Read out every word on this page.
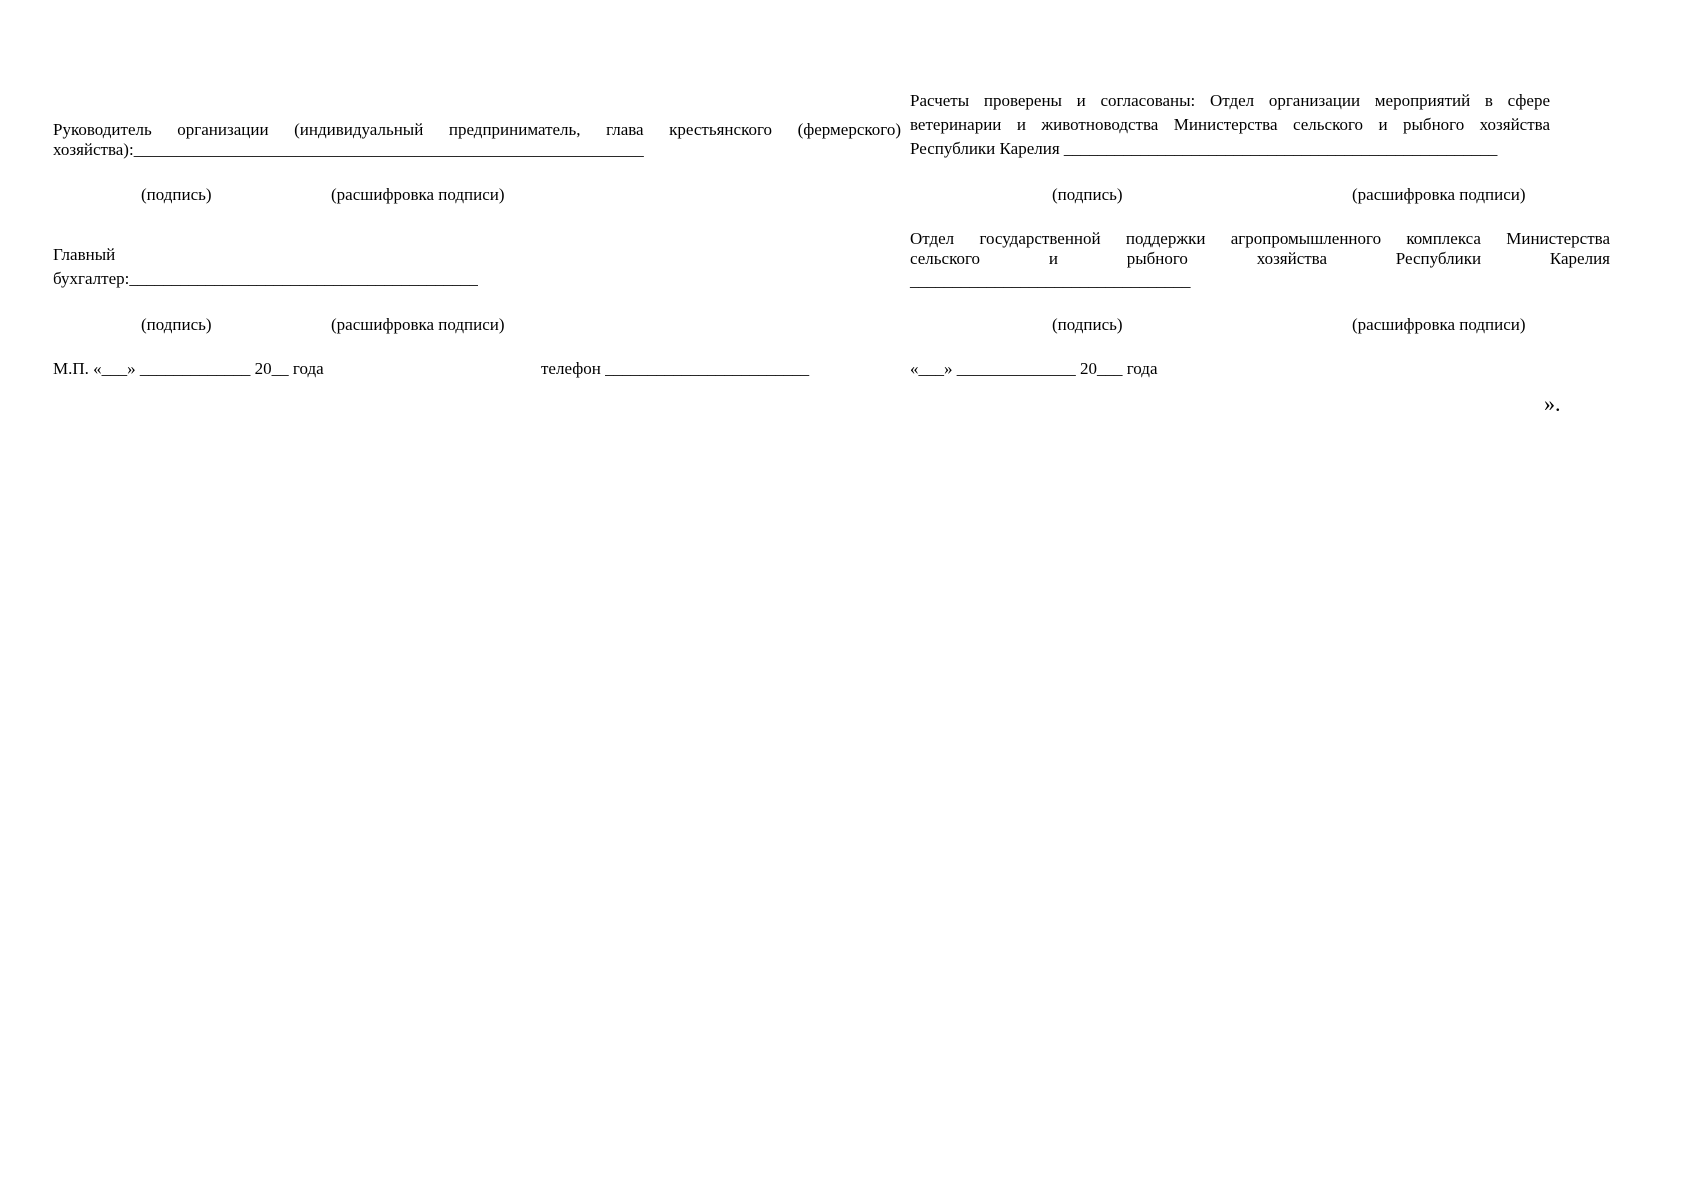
Руководитель организации (индивидуальный предприниматель, глава крестьянского (фермерского)
хозяйства):____________________________________________________________
(подпись)	(расшифровка подписи)
Главный
бухгалтер:_________________________________________
(подпись)	(расшифровка подписи)
М.П. «___» _____________ 20__ года	телефон ________________________
Расчеты проверены и согласованы: Отдел организации мероприятий в сфере
ветеринарии и животноводства Министерства сельского и рыбного хозяйства
Республики Карелия ___________________________________________________
(подпись)	(расшифровка подписи)
Отдел государственной поддержки агропромышленного комплекса Министерства
сельского и рыбного хозяйства Республики Карелия
_________________________________
(подпись)	(расшифровка подписи)
«___» ______________ 20___ года
».
